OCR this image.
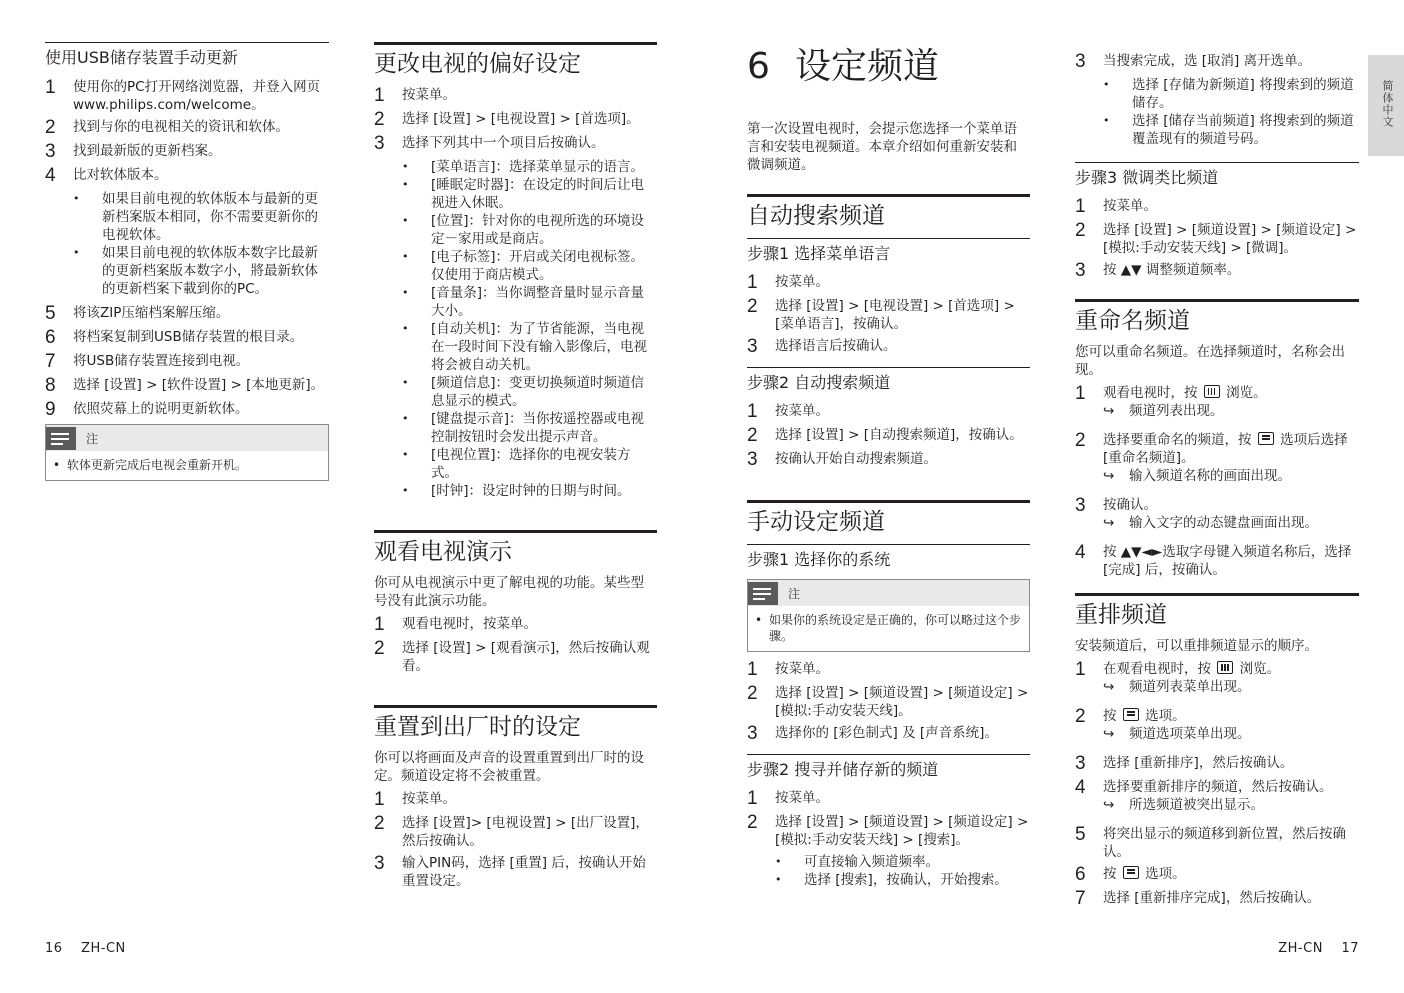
使用USB储存装置手动更新
1	使用你的PC打开网络浏览器，并登入网页www.philips.com/welcome。
2	找到与你的电视相关的资讯和软体。
3	找到最新版的更新档案。
4	比对软体版本。
•	如果目前电视的软体版本与最新的更新档案版本相同，你不需要更新你的电视软体。
•	如果目前电视的软体版本数字比最新的更新档案版本数字小，將最新软体的更新档案下載到你的PC。
5	将该ZIP压缩档案解压缩。
6	将档案复制到USB储存装置的根目录。
7	将USB储存装置连接到电视。
8	选择 [设置] > [软件设置] > [本地更新]。
9	依照荧幕上的说明更新软体。
注
• 软体更新完成后电视会重新开机。
更改电视的偏好设定
1	按菜单。
2	选择 [设置] > [电视设置] > [首选项]。
3	选择下列其中一个项目后按确认。
•	[菜单语言]：选择菜单显示的语言。
•	[睡眠定时器]：在设定的时间后让电视进入休眠。
•	[位置]：针对你的电视所选的环境设定－家用或是商店。
•	[电子标签]：开启或关闭电视标签。仅使用于商店模式。
•	[音量条]：当你调整音量时显示音量大小。
•	[自动关机]：为了节省能源，当电视在一段时间下没有输入影像后，电视将会被自动关机。
•	[频道信息]：变更切换频道时频道信息显示的模式。
•	[键盘提示音]：当你按遥控器或电视控制按钮时会发出提示声音。
•	[电视位置]：选择你的电视安装方式。
•	[时钟]：设定时钟的日期与时间。
观看电视演示
你可从电视演示中更了解电视的功能。某些型号没有此演示功能。
1	观看电视时，按菜单。
2	选择 [设置] > [观看演示]，然后按确认观看。
重置到出厂时的设定
你可以将画面及声音的设置重置到出厂时的设定。频道设定将不会被重置。
1	按菜单。
2	选择 [设置]> [电视设置] > [出厂设置]，然后按确认。
3	输入PIN码，选择 [重置] 后，按确认开始重置设定。
6 设定频道
第一次设置电视时，会提示您选择一个菜单语言和安装电视频道。本章介绍如何重新安装和微调频道。
自动搜索频道
步骤1 选择菜单语言
1	按菜单。
2	选择 [设置] > [电视设置] > [首选项] > [菜单语言]，按确认。
3	选择语言后按确认。
步骤2 自动搜索频道
1	按菜单。
2	选择 [设置] > [自动搜索频道]，按确认。
3	按确认开始自动搜索频道。
手动设定频道
步骤1 选择你的系统
注
• 如果你的系统设定是正确的，你可以略过这个步骤。
1	按菜单。
2	选择 [设置] > [频道设置] > [频道设定] > [模拟:手动安装天线]。
3	选择你的 [彩色制式] 及 [声音系统]。
步骤2 搜寻并储存新的频道
1	按菜单。
2	选择 [设置] > [频道设置] > [频道设定] > [模拟:手动安装天线] > [搜索]。
•	可直接输入频道频率。
•	选择 [搜索]，按确认，开始搜索。
3	当搜索完成，选 [取消] 离开选单。
•	选择 [存储为新频道] 将搜索到的频道储存。
•	选择 [储存当前频道] 将搜索到的频道覆盖现有的频道号码。
步骤3 微调类比频道
1	按菜单。
2	选择 [设置] > [频道设置] > [频道设定] > [模拟:手动安装天线] > [微调]。
3	按 ▲▼ 调整频道频率。
重命名频道
您可以重命名频道。在选择频道时，名称会出现。
1	观看电视时，按
浏览。
↪	频道列表出现。
2	选择要重命名的频道，按
选项后选择[重命名频道]。
↪	输入频道名称的画面出现。
3	按确认。
↪	输入文字的动态键盘画面出现。
4	按 ▲▼◄►选取字母键入频道名称后，选择 [完成] 后，按确认。
重排频道
安装频道后，可以重排频道显示的顺序。
1	在观看电视时，按
浏览。
↪	频道列表菜单出现。
2	按
选项。
↪	频道选项菜单出现。
3	选择 [重新排序]，然后按确认。
4	选择要重新排序的频道，然后按确认。
↪	所选频道被突出显示。
5	将突出显示的频道移到新位置，然后按确认。
6	按
选项。
7	选择 [重新排序完成]，然后按确认。
简体中文
16    ZH-CN	ZH-CN    17
